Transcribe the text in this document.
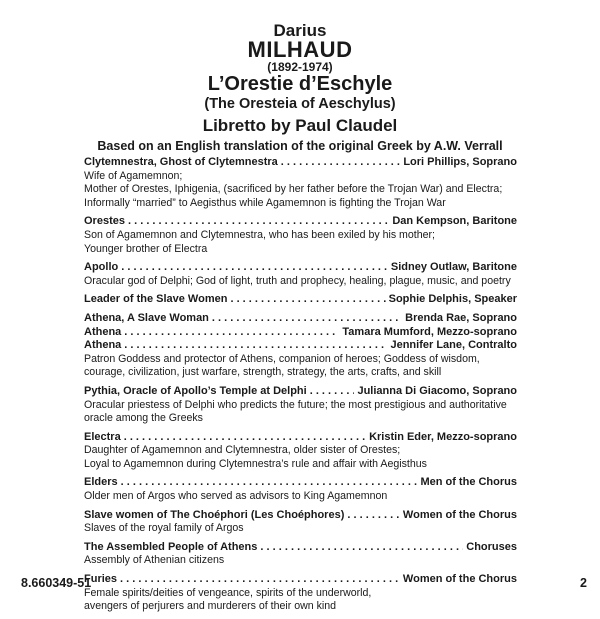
Darius
MILHAUD
(1892-1974)
L’Orestie d’Eschyle
(The Oresteia of Aeschylus)
Libretto by Paul Claudel
Based on an English translation of the original Greek by A.W. Verrall
Clytemnestra, Ghost of Clytemnestra . . .	Lori Phillips, Soprano
Wife of Agamemnon;
Mother of Orestes, Iphigenia, (sacrificed by her father before the Trojan War) and Electra;
Informally “married” to Aegisthus while Agamemnon is fighting the Trojan War
Orestes . . .	Dan Kempson, Baritone
Son of Agamemnon and Clytemnestra, who has been exiled by his mother;
Younger brother of Electra
Apollo . . .	Sidney Outlaw, Baritone
Oracular god of Delphi; God of light, truth and prophecy, healing, plague, music, and poetry
Leader of the Slave Women . . .	Sophie Delphis, Speaker
Athena, A Slave Woman . . .	Brenda Rae, Soprano
Athena . . .	Tamara Mumford, Mezzo-soprano
Athena . . .	Jennifer Lane, Contralto
Patron Goddess and protector of Athens, companion of heroes; Goddess of wisdom,
courage, civilization, just warfare, strength, strategy, the arts, crafts, and skill
Pythia, Oracle of Apollo’s Temple at Delphi . . .	Julianna Di Giacomo, Soprano
Oracular priestess of Delphi who predicts the future; the most prestigious and authoritative
oracle among the Greeks
Electra . . .	Kristin Eder, Mezzo-soprano
Daughter of Agamemnon and Clytemnestra, older sister of Orestes;
Loyal to Agamemnon during Clytemnestra’s rule and affair with Aegisthus
Elders . . .	Men of the Chorus
Older men of Argos who served as advisors to King Agamemnon
Slave women of The Choéphori (Les Choéphores) . . .	Women of the Chorus
Slaves of the royal family of Argos
The Assembled People of Athens . . .	Choruses
Assembly of Athenian citizens
Furies . . .	Women of the Chorus
Female spirits/deities of vengeance, spirits of the underworld,
avengers of perjurers and murderers of their own kind
8.660349-51	2
